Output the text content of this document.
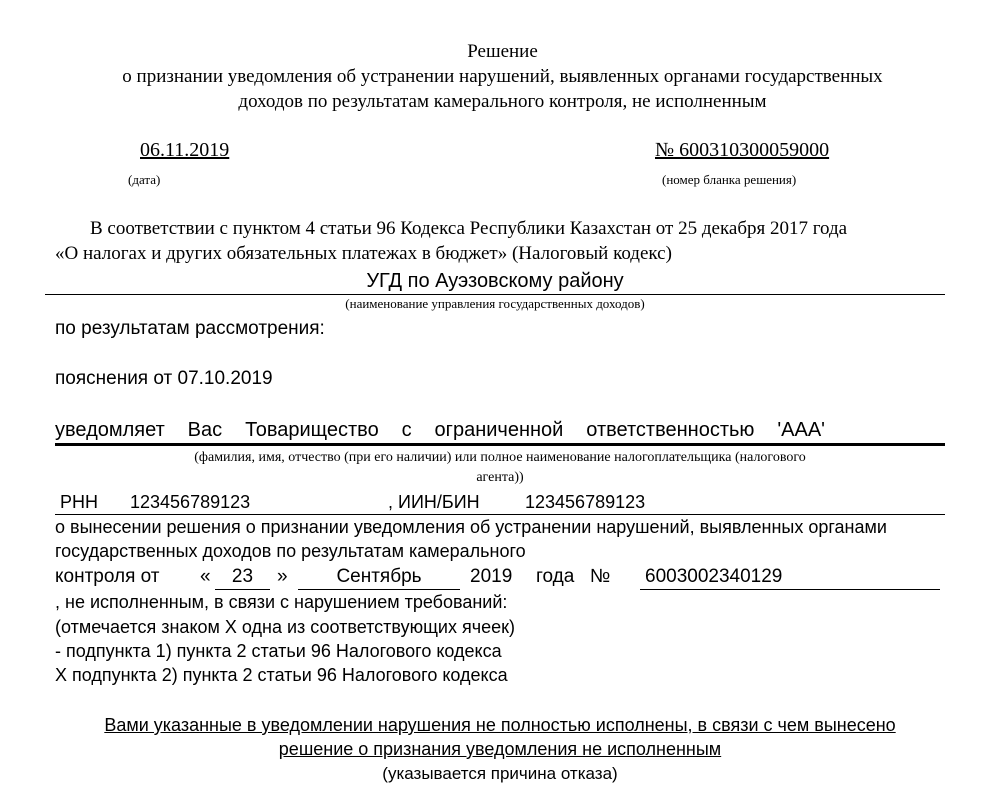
Решение
о признании уведомления об устранении нарушений, выявленных органами государственных
доходов по результатам камерального контроля, не исполненным
06.11.2019
(дата)
№ 600310300059000
(номер бланка решения)
В соответствии с пунктом 4 статьи 96 Кодекса Республики Казахстан от 25 декабря 2017 года
«О налогах и других обязательных платежах в бюджет» (Налоговый кодекс)
УГД по Ауэзовскому району
(наименование управления государственных доходов)
по результатам рассмотрения:
пояснения от 07.10.2019
уведомляет Вас Товарищество с ограниченной ответственностью 'ААА'
(фамилия, имя, отчество (при его наличии) или полное наименование налогоплательщика (налогового
агента))
РНН 123456789123	, ИИН/БИН	123456789123
о вынесении решения о признании уведомления об устранении нарушений, выявленных органами
государственных доходов по результатам камерального
контроля от «	23	»	Сентябрь	2019 года № 6003002340129
, не исполненным, в связи с нарушением требований:
(отмечается знаком Х одна из соответствующих ячеек)
- подпункта 1) пункта 2 статьи 96 Налогового кодекса
Х подпункта 2) пункта 2 статьи 96 Налогового кодекса
Вами указанные в уведомлении нарушения не полностью исполнены, в связи с чем вынесено
решение о признания уведомления не исполненным
(указывается причина отказа)
